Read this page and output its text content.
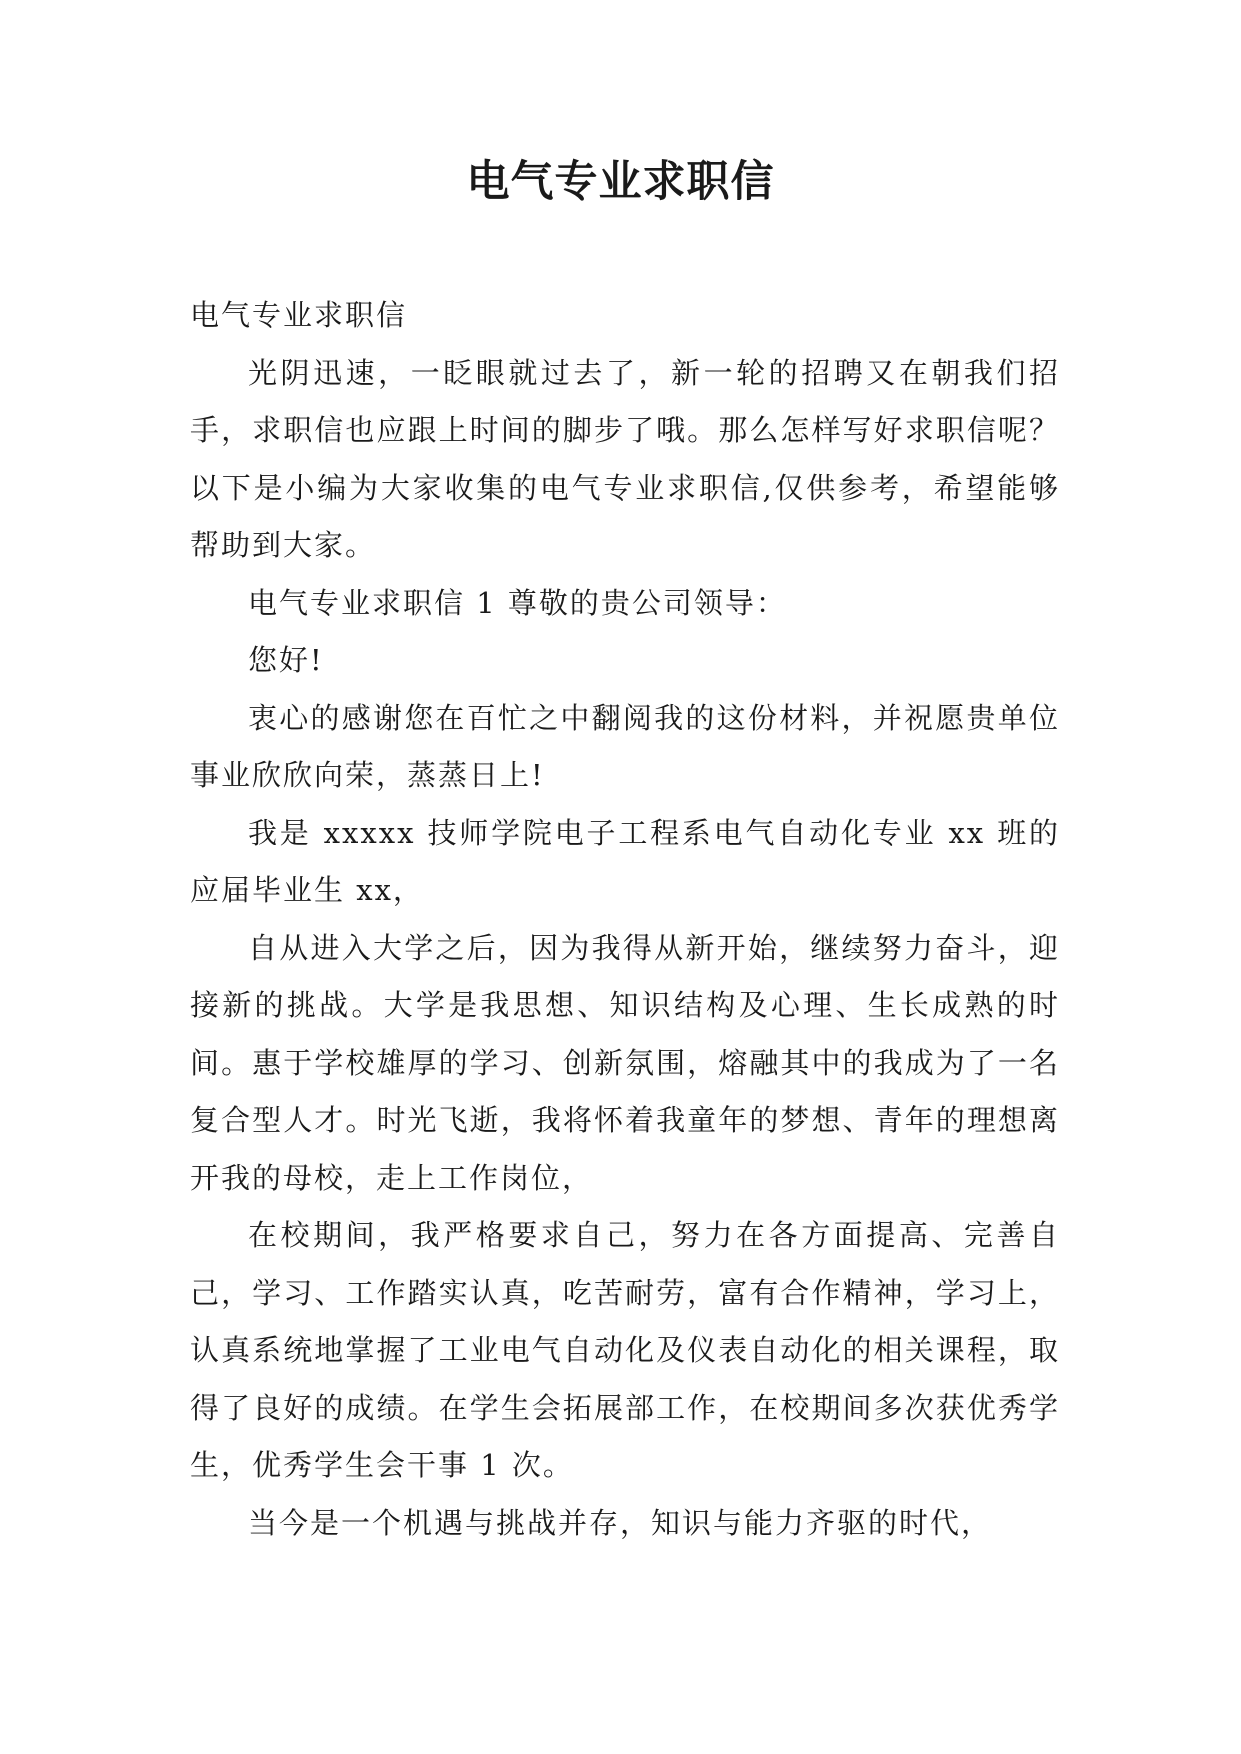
电气专业求职信

电气专业求职信

光阴迅速，一眨眼就过去了，新一轮的招聘又在朝我们招手，求职信也应跟上时间的脚步了哦。那么怎样写好求职信呢？以下是小编为大家收集的电气专业求职信,仅供参考，希望能够帮助到大家。

电气专业求职信 1 尊敬的贵公司领导：

您好!

衷心的感谢您在百忙之中翻阅我的这份材料，并祝愿贵单位事业欣欣向荣，蒸蒸日上!

我是 xxxxx 技师学院电子工程系电气自动化专业 xx 班的应届毕业生 xx，

自从进入大学之后，因为我得从新开始，继续努力奋斗，迎接新的挑战。大学是我思想、知识结构及心理、生长成熟的时间。惠于学校雄厚的学习、创新氛围，熔融其中的我成为了一名复合型人才。时光飞逝，我将怀着我童年的梦想、青年的理想离开我的母校，走上工作岗位，

在校期间，我严格要求自己，努力在各方面提高、完善自己，学习、工作踏实认真，吃苦耐劳，富有合作精神，学习上，认真系统地掌握了工业电气自动化及仪表自动化的相关课程，取得了良好的成绩。在学生会拓展部工作，在校期间多次获优秀学生，优秀学生会干事 1 次。

当今是一个机遇与挑战并存，知识与能力齐驱的时代，
